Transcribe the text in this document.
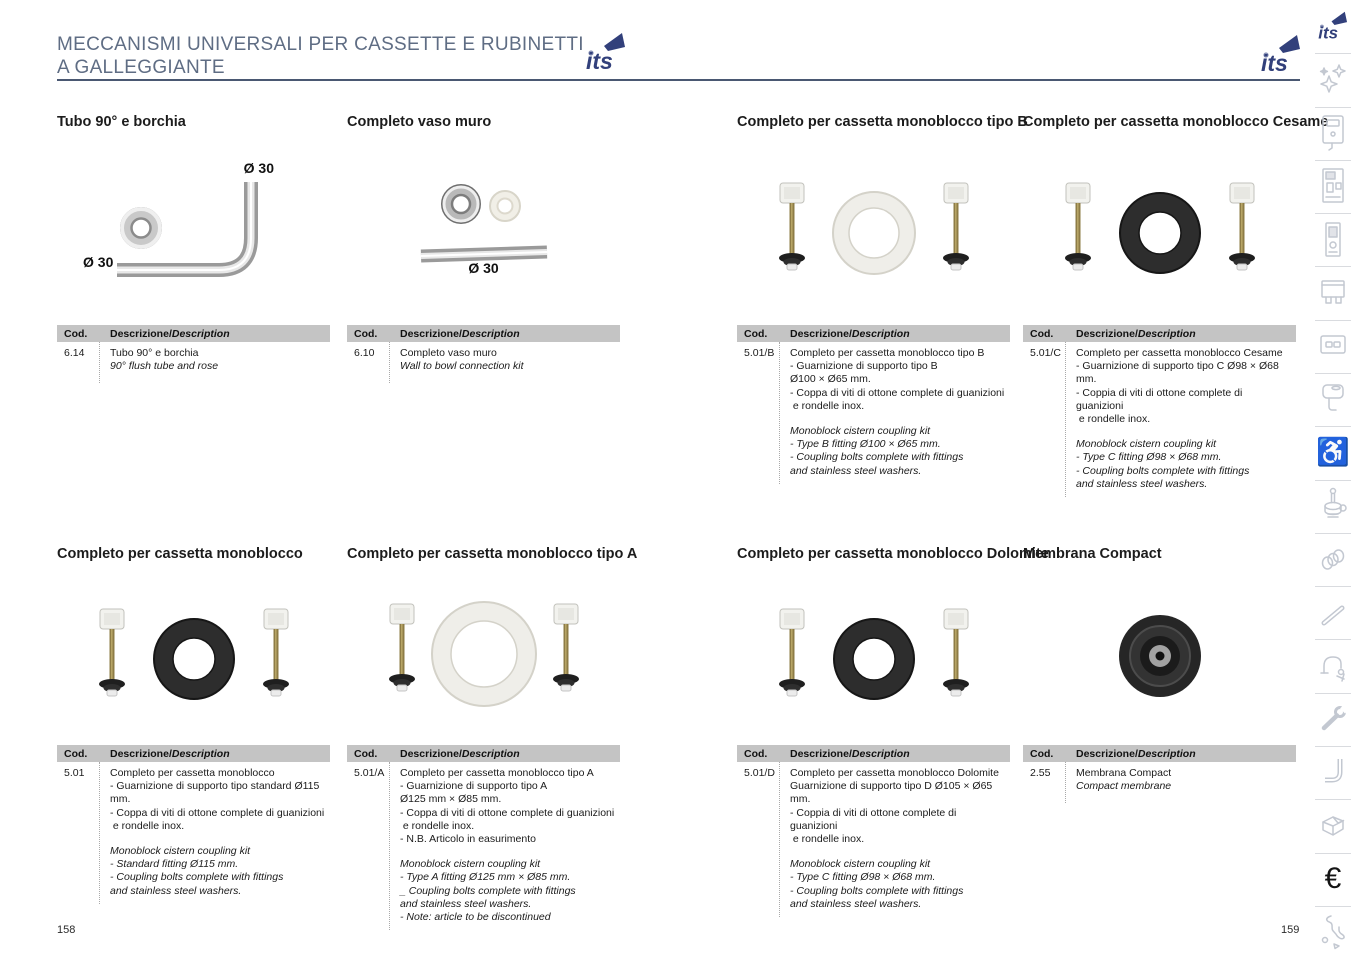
MECCANISMI UNIVERSALI PER CASSETTE E RUBINETTI
A GALLEGGIANTE	its	its
Tubo 90° e borchia
Ø 30
Ø 30
Cod.	Descrizione/Description
6.14	Tubo 90° e borchia
90° flush tube and rose
Completo vaso muro
Ø 30
Cod.	Descrizione/Description
6.10	Completo vaso muro
Wall to bowl connection kit
Completo per cassetta monoblocco tipo B
Cod.	Descrizione/Description
5.01/B	Completo per cassetta monoblocco tipo B
- Guarnizione di supporto tipo B
Ø100 × Ø65 mm.
- Coppa di viti di ottone complete di guanizioni
e rondelle inox.
Monoblock cistern coupling kit
- Type B fitting Ø100 × Ø65 mm.
- Coupling bolts complete with fittings
and stainless steel washers.
Completo per cassetta monoblocco Cesame
Cod.	Descrizione/Description
5.01/C	Completo per cassetta monoblocco Cesame
- Guarnizione di supporto tipo C Ø98 × Ø68 mm.
- Coppia di viti di ottone complete di guanizioni
e rondelle inox.
Monoblock cistern coupling kit
- Type C fitting Ø98 × Ø68 mm.
- Coupling bolts complete with fittings
and stainless steel washers.
Completo per cassetta monoblocco
Cod.	Descrizione/Description
5.01	Completo per cassetta monoblocco
- Guarnizione di supporto tipo standard Ø115 mm.
- Coppa di viti di ottone complete di guanizioni
e rondelle inox.
Monoblock cistern coupling kit
- Standard fitting Ø115 mm.
- Coupling bolts complete with fittings
and stainless steel washers.
Completo per cassetta monoblocco tipo A
Cod.	Descrizione/Description
5.01/A	Completo per cassetta monoblocco tipo A
- Guarnizione di supporto tipo A
Ø125 mm × Ø85 mm.
- Coppa di viti di ottone complete di guanizioni
e rondelle inox.
- N.B. Articolo in easurimento
Monoblock cistern coupling kit
- Type A fitting Ø125 mm × Ø85 mm.
_ Coupling bolts complete with fittings
and stainless steel washers.
- Note: article to be discontinued
Completo per cassetta monoblocco Dolomite
Cod.	Descrizione/Description
5.01/D	Completo per cassetta monoblocco Dolomite
Guarnizione di supporto tipo D Ø105 × Ø65 mm.
- Coppia di viti di ottone complete di guanizioni
e rondelle inox.
Monoblock cistern coupling kit
- Type C fitting Ø98 × Ø68 mm.
- Coupling bolts complete with fittings
and stainless steel washers.
Membrana Compact
Cod.	Descrizione/Description
2.55	Membrana Compact
Compact membrane
158	159
its
♿
€
